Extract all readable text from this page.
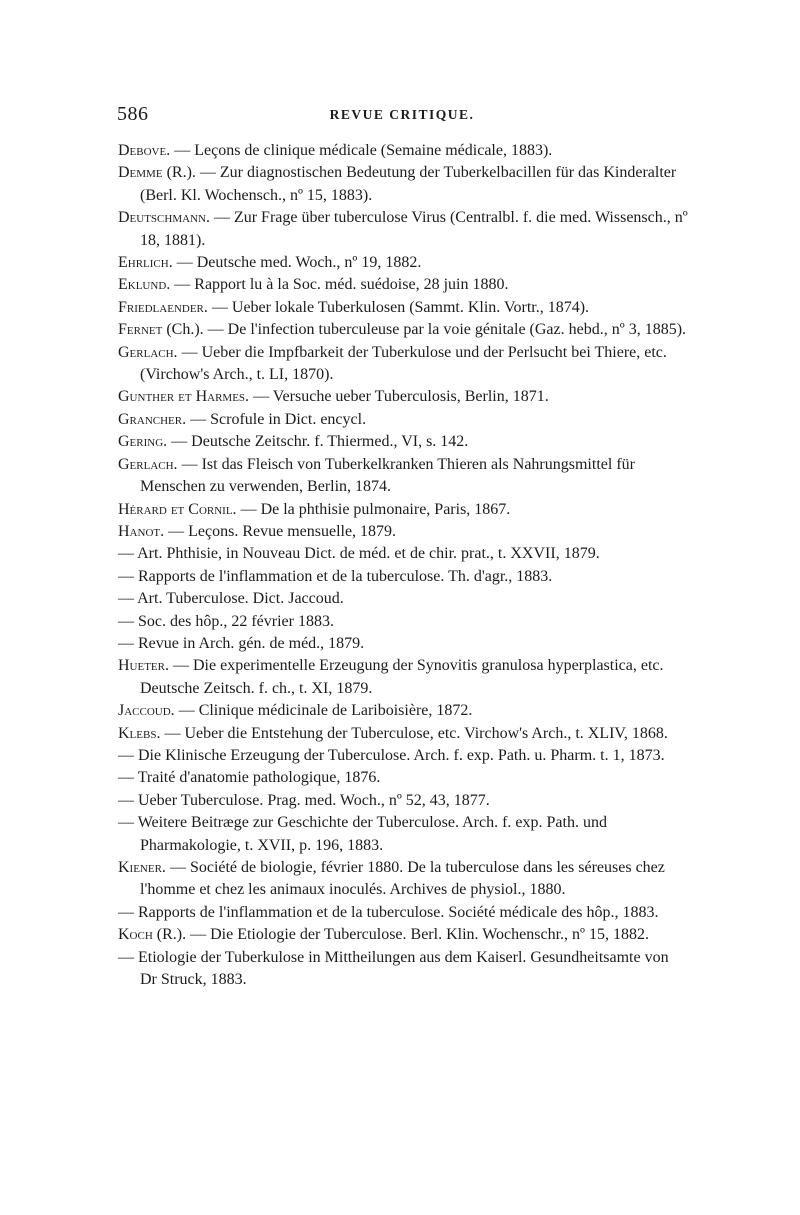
586	REVUE CRITIQUE.

Debove. — Leçons de clinique médicale (Semaine médicale, 1883).

Demme (R.). — Zur diagnostischen Bedeutung der Tuberkelbacillen für das Kinderalter (Berl. Kl. Wochensch., nº 15, 1883).

Deutschmann. — Zur Frage über tuberculose Virus (Centralbl. f. die med. Wissensch., nº 18, 1881).

Ehrlich. — Deutsche med. Woch., nº 19, 1882.

Eklund. — Rapport lu à la Soc. méd. suédoise, 28 juin 1880.

Friedlaender. — Ueber lokale Tuberkulosen (Sammt. Klin. Vortr., 1874).

Fernet (Ch.). — De l'infection tuberculeuse par la voie génitale (Gaz. hebd., nº 3, 1885).

Gerlach. — Ueber die Impfbarkeit der Tuberkulose und der Perlsucht bei Thiere, etc. (Virchow's Arch., t. LI, 1870).

Gunther et Harmes. — Versuche ueber Tuberculosis, Berlin, 1871.

Grancher. — Scrofule in Dict. encycl.

Gering. — Deutsche Zeitschr. f. Thiermed., VI, s. 142.

Gerlach. — Ist das Fleisch von Tuberkelkranken Thieren als Nahrungsmittel für Menschen zu verwenden, Berlin, 1874.

Hérard et Cornil. — De la phthisie pulmonaire, Paris, 1867.

Hanot. — Leçons. Revue mensuelle, 1879.

— Art. Phthisie, in Nouveau Dict. de méd. et de chir. prat., t. XXVII, 1879.

— Rapports de l'inflammation et de la tuberculose. Th. d'agr., 1883.

— Art. Tuberculose. Dict. Jaccoud.

— Soc. des hôp., 22 février 1883.

— Revue in Arch. gén. de méd., 1879.

Hueter. — Die experimentelle Erzeugung der Synovitis granulosa hyperplastica, etc. Deutsche Zeitsch. f. ch., t. XI, 1879.

Jaccoud. — Clinique médicinale de Lariboisière, 1872.

Klebs. — Ueber die Entstehung der Tuberculose, etc. Virchow's Arch., t. XLIV, 1868.

— Die Klinische Erzeugung der Tuberculose. Arch. f. exp. Path. u. Pharm. t. 1, 1873.

— Traité d'anatomie pathologique, 1876.

— Ueber Tuberculose. Prag. med. Woch., nº 52, 43, 1877.

— Weitere Beitræge zur Geschichte der Tuberculose. Arch. f. exp. Path. und Pharmakologie, t. XVII, p. 196, 1883.

Kiener. — Société de biologie, février 1880. De la tuberculose dans les séreuses chez l'homme et chez les animaux inoculés. Archives de physiol., 1880.

— Rapports de l'inflammation et de la tuberculose. Société médicale des hôp., 1883.

Koch (R.). — Die Etiologie der Tuberculose. Berl. Klin. Wochenschr., nº 15, 1882.

— Etiologie der Tuberkulose in Mittheilungen aus dem Kaiserl. Gesundheitsamte von Dr Struck, 1883.
